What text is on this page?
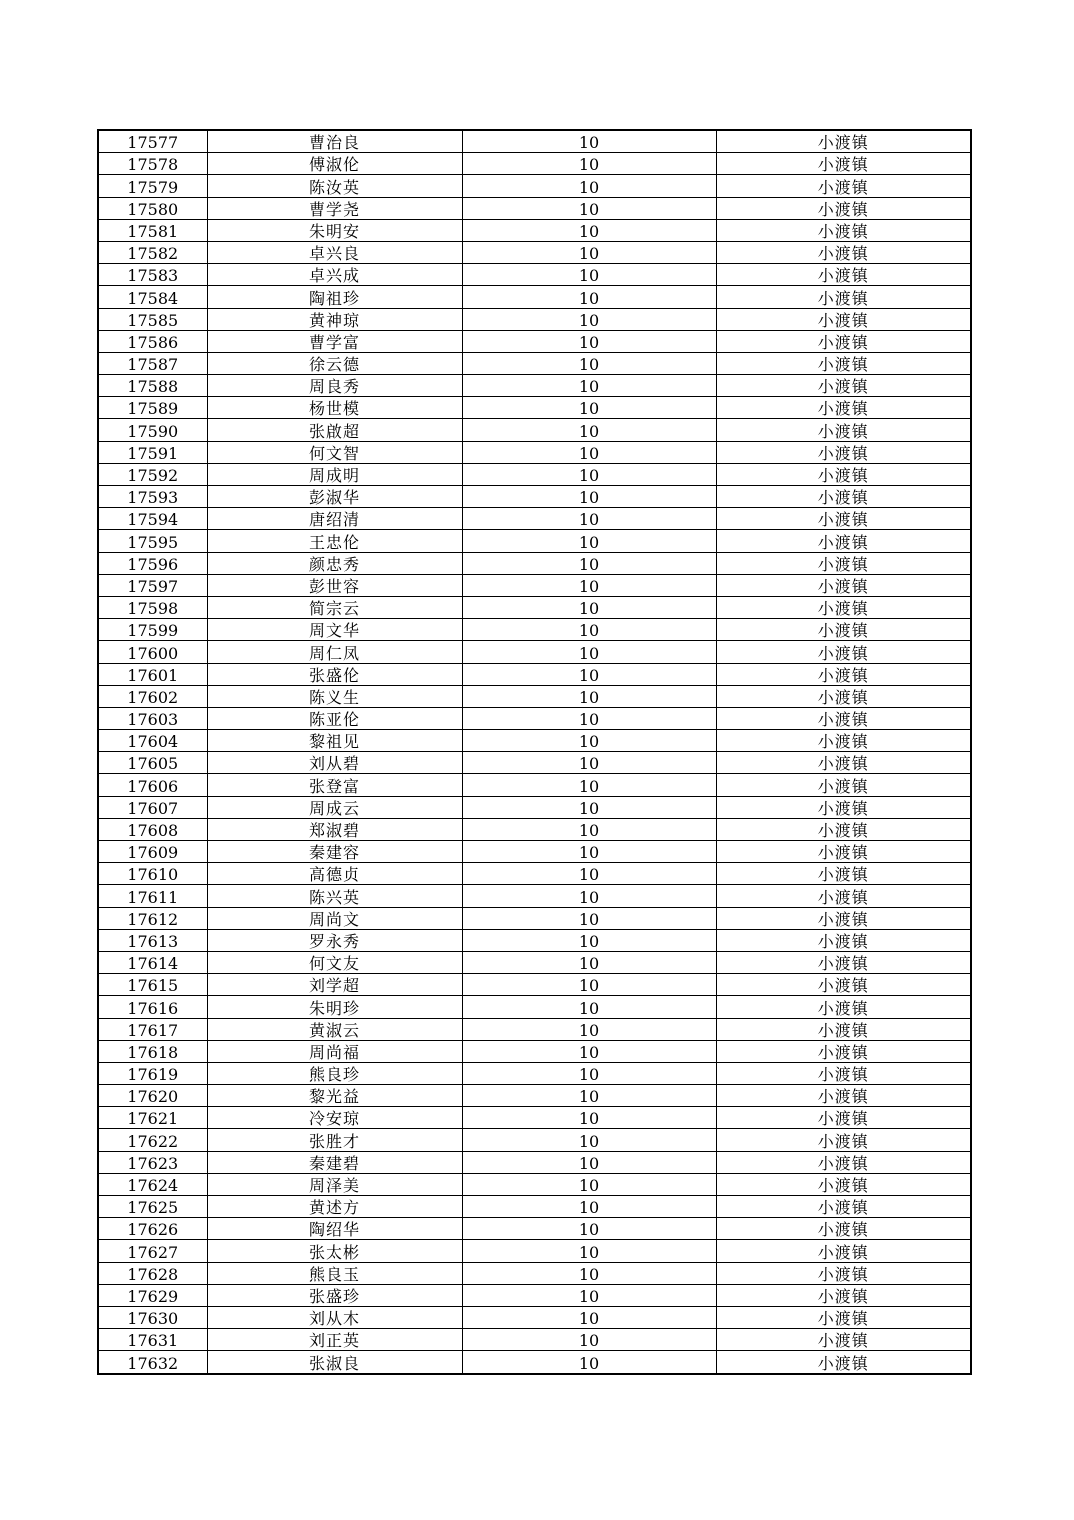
17577	曹治良	10	小渡镇
17578	傅淑伦	10	小渡镇
17579	陈汝英	10	小渡镇
17580	曹学尧	10	小渡镇
17581	朱明安	10	小渡镇
17582	卓兴良	10	小渡镇
17583	卓兴成	10	小渡镇
17584	陶祖珍	10	小渡镇
17585	黄神琼	10	小渡镇
17586	曹学富	10	小渡镇
17587	徐云德	10	小渡镇
17588	周良秀	10	小渡镇
17589	杨世模	10	小渡镇
17590	张啟超	10	小渡镇
17591	何文智	10	小渡镇
17592	周成明	10	小渡镇
17593	彭淑华	10	小渡镇
17594	唐绍清	10	小渡镇
17595	王忠伦	10	小渡镇
17596	颜忠秀	10	小渡镇
17597	彭世容	10	小渡镇
17598	简宗云	10	小渡镇
17599	周文华	10	小渡镇
17600	周仁凤	10	小渡镇
17601	张盛伦	10	小渡镇
17602	陈义生	10	小渡镇
17603	陈亚伦	10	小渡镇
17604	黎祖见	10	小渡镇
17605	刘从碧	10	小渡镇
17606	张登富	10	小渡镇
17607	周成云	10	小渡镇
17608	郑淑碧	10	小渡镇
17609	秦建容	10	小渡镇
17610	高德贞	10	小渡镇
17611	陈兴英	10	小渡镇
17612	周尚文	10	小渡镇
17613	罗永秀	10	小渡镇
17614	何文友	10	小渡镇
17615	刘学超	10	小渡镇
17616	朱明珍	10	小渡镇
17617	黄淑云	10	小渡镇
17618	周尚福	10	小渡镇
17619	熊良珍	10	小渡镇
17620	黎光益	10	小渡镇
17621	冷安琼	10	小渡镇
17622	张胜才	10	小渡镇
17623	秦建碧	10	小渡镇
17624	周泽美	10	小渡镇
17625	黄述方	10	小渡镇
17626	陶绍华	10	小渡镇
17627	张太彬	10	小渡镇
17628	熊良玉	10	小渡镇
17629	张盛珍	10	小渡镇
17630	刘从木	10	小渡镇
17631	刘正英	10	小渡镇
17632	张淑良	10	小渡镇
